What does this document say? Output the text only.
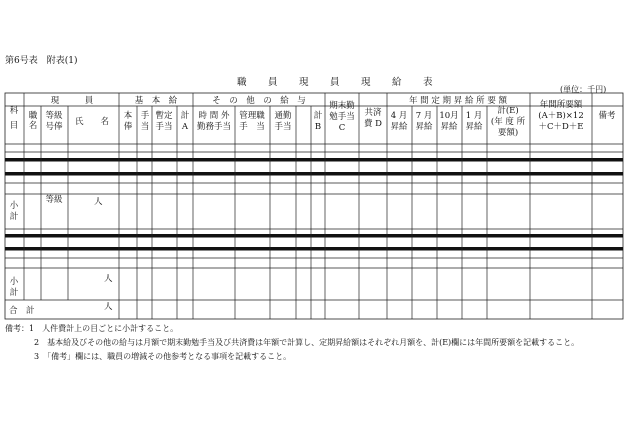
第6号表　附表(1)
職　員　現　員　現　給　表
(単位：千円)
科
目
現　　　員
職
名
等級
号俸 氏　　名
基　本　給
本
俸
手
当
暫定
手当
計
A
そ　の　他　の　給　与
時 間 外
勤務手当
管理職
手　当
通勤
手当
計
B
期末勤
勉手当
C
共済
費 D
年 間 定 期 昇 給 所 要 額
4 月
昇給
7 月
昇給
10月
昇給
1 月
昇給
計(E)
(年 度 所
要額)
年間所要額
(A＋B)×12
＋C＋D＋E
備考
小
計
等級	人
小
計
人
合　計	人
備考：1　人件費計上の目ごとに小計すること。
2　基本給及びその他の給与は月額で期末勤勉手当及び共済費は年額で計算し、定期昇給額はそれぞれ月額を、計(E)欄には年間所要額を記載すること。
3　「備考」欄には、職員の増減その他参考となる事項を記載すること。
